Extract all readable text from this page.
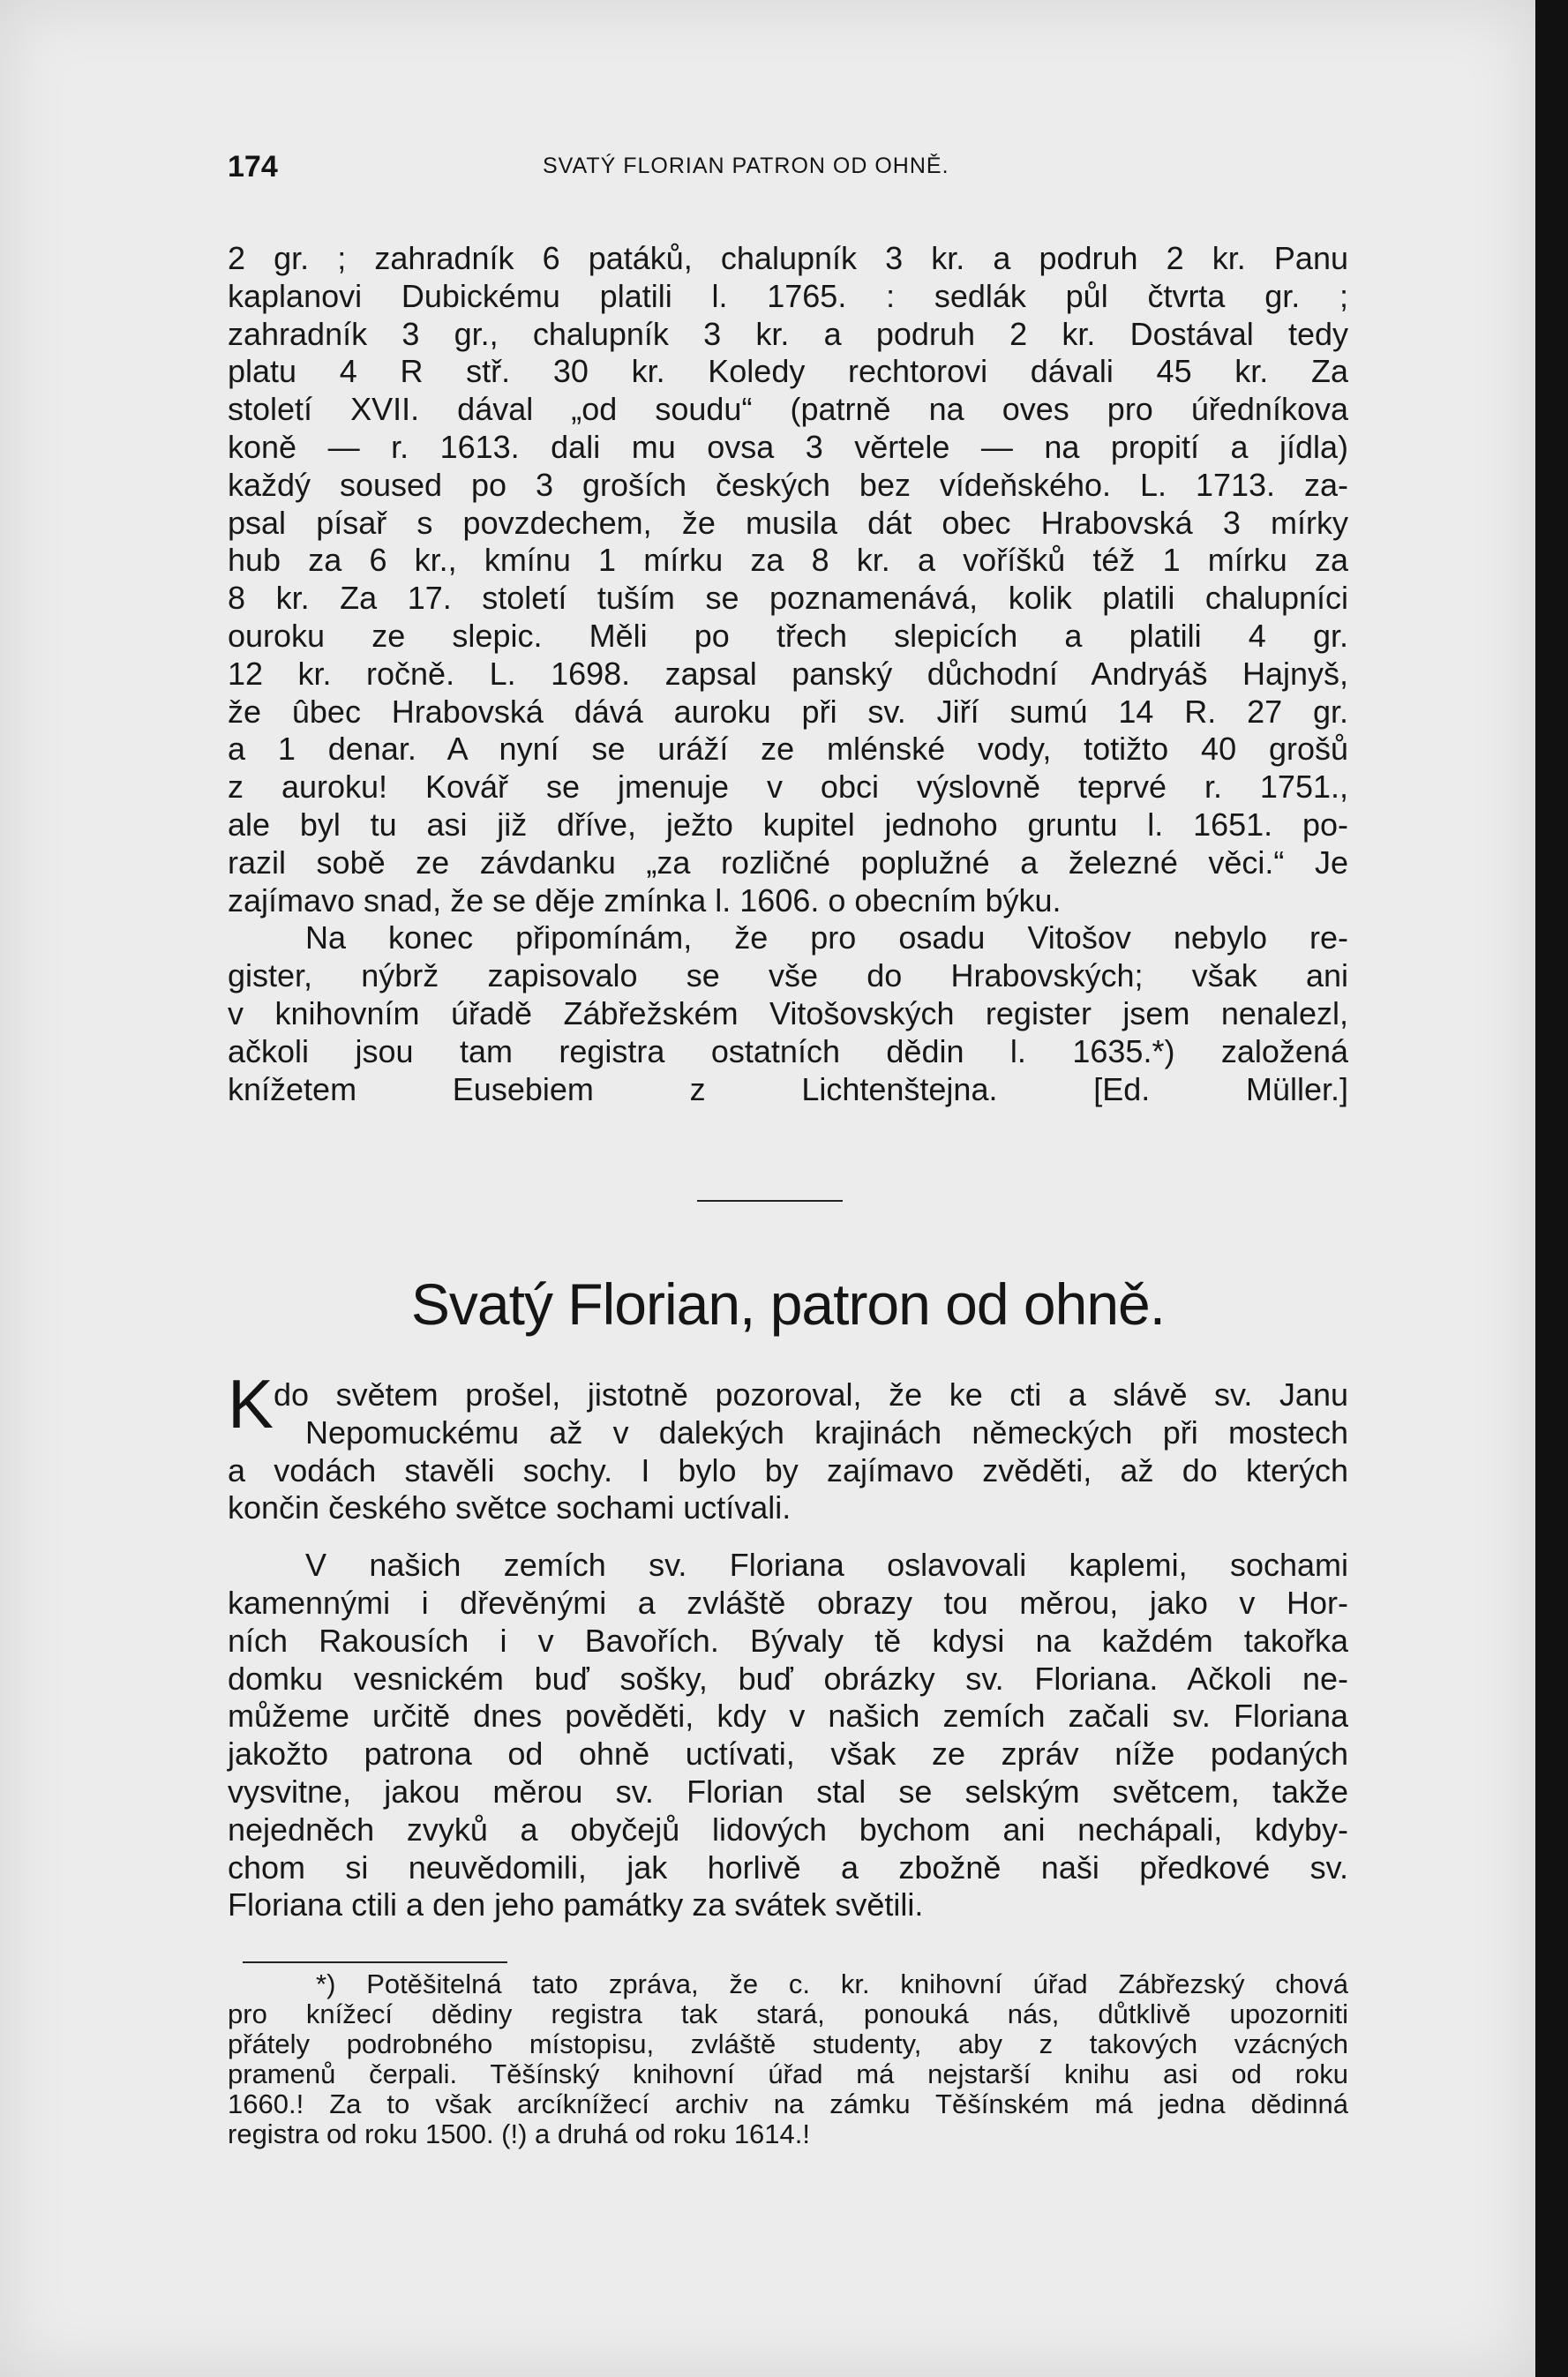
174	SVATÝ FLORIAN PATRON OD OHNĚ.
2 gr. ; zahradník 6 patáků, chalupník 3 kr. a podruh 2 kr. Panu
kaplanovi Dubickému platili l. 1765. : sedlák půl čtvrta gr. ;
zahradník 3 gr., chalupník 3 kr. a podruh 2 kr. Dostával tedy
platu 4 R stř. 30 kr. Koledy rechtorovi dávali 45 kr. Za
století XVII. dával „od soudu“ (patrně na oves pro úředníkova
koně — r. 1613. dali mu ovsa 3 věrtele — na propití a jídla)
každý soused po 3 groších českých bez vídeňského. L. 1713. za-
psal písař s povzdechem, že musila dát obec Hrabovská 3 mírky
hub za 6 kr., kmínu 1 mírku za 8 kr. a voříšků též 1 mírku za
8 kr. Za 17. století tuším se poznamenává, kolik platili chalupníci
ouroku ze slepic. Měli po třech slepicích a platili 4 gr.
12 kr. ročně. L. 1698. zapsal panský důchodní Andryáš Hajnyš,
že ûbec Hrabovská dává auroku při sv. Jiří sumú 14 R. 27 gr.
a 1 denar. A nyní se uráží ze mlénské vody, totižto 40 grošů
z auroku! Kovář se jmenuje v obci výslovně teprvé r. 1751.,
ale byl tu asi již dříve, ježto kupitel jednoho gruntu l. 1651. po-
razil sobě ze závdanku „za rozličné poplužné a železné věci.“ Je
zajímavo snad, že se děje zmínka l. 1606. o obecním býku.
Na konec připomínám, že pro osadu Vitošov nebylo re-
gister, nýbrž zapisovalo se vše do Hrabovských; však ani
v knihovním úřadě Zábřežském Vitošovských register jsem nenalezl,
ačkoli jsou tam registra ostatních dědin l. 1635.*) založená
knížetem Eusebiem z Lichtenštejna. [Ed. Müller.]
Svatý Florian, patron od ohně.
K do světem prošel, jistotně pozoroval, že ke cti a slávě sv. Janu
Nepomuckému až v dalekých krajinách německých při mostech
a vodách stavěli sochy. I bylo by zajímavo zvěděti, až do kterých
končin českého světce sochami uctívali.
V našich zemích sv. Floriana oslavovali kaplemi, sochami
kamennými i dřevěnými a zvláště obrazy tou měrou, jako v Hor-
ních Rakousích i v Bavořích. Bývaly tě kdysi na každém takořka
domku vesnickém buď sošky, buď obrázky sv. Floriana. Ačkoli ne-
můžeme určitě dnes pověděti, kdy v našich zemích začali sv. Floriana
jakožto patrona od ohně uctívati, však ze zpráv níže podaných
vysvitne, jakou měrou sv. Florian stal se selským světcem, takže
nejedněch zvyků a obyčejů lidových bychom ani nechápali, kdyby-
chom si neuvědomili, jak horlivě a zbožně naši předkové sv.
Floriana ctili a den jeho památky za svátek světili.
*) Potěšitelná tato zpráva, že c. kr. knihovní úřad Zábřezský chová
pro knížecí dědiny registra tak stará, ponouká nás, důtklivě upozorniti
přátely podrobného místopisu, zvláště studenty, aby z takových vzácných
pramenů čerpali. Těšínský knihovní úřad má nejstarší knihu asi od roku
1660.! Za to však arcíknížecí archiv na zámku Těšínském má jedna dědinná
registra od roku 1500. (!) a druhá od roku 1614.!
